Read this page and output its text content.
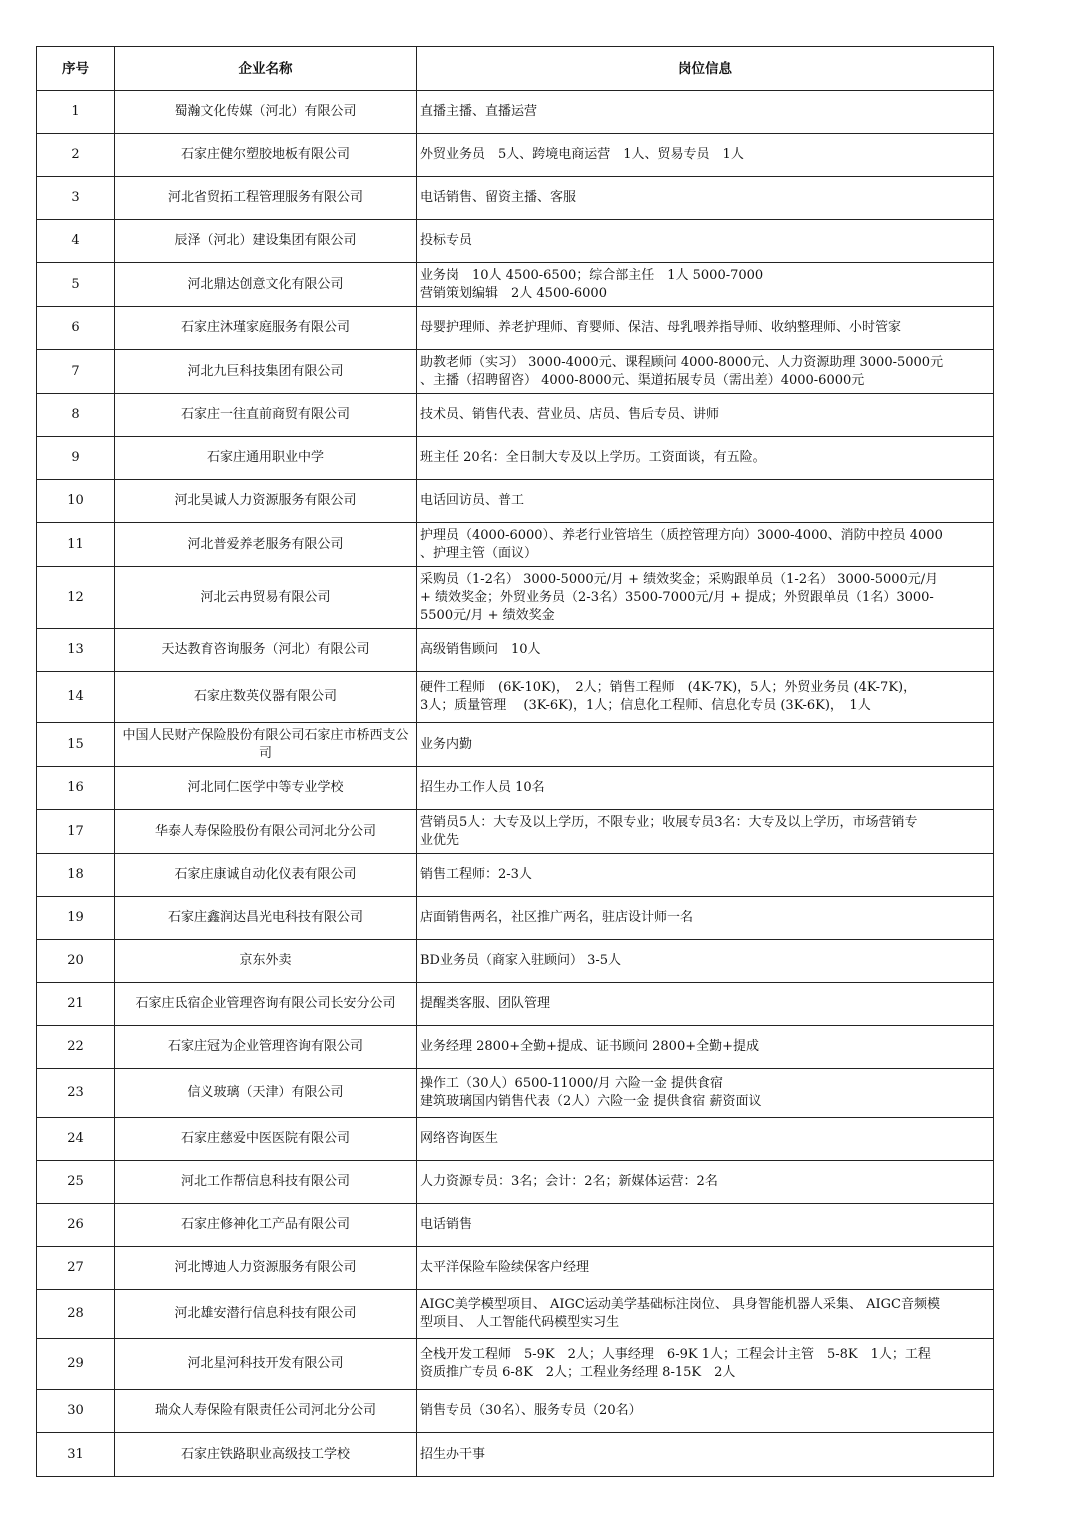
序号	企业名称	岗位信息
1	蜀瀚文化传媒（河北）有限公司	直播主播、直播运营
2	石家庄健尔塑胶地板有限公司	外贸业务员　5人、跨境电商运营　1人、贸易专员　1人
3	河北省贸拓工程管理服务有限公司	电话销售、留资主播、客服
4	辰泽（河北）建设集团有限公司	投标专员
5	河北鼎达创意文化有限公司	业务岗　10人 4500-6500；综合部主任　1人 5000-7000
营销策划编辑　2人 4500-6000
6	石家庄沐瑾家庭服务有限公司	母婴护理师、养老护理师、育婴师、保洁、母乳喂养指导师、收纳整理师、小时管家
7	河北九巨科技集团有限公司	助教老师（实习） 3000-4000元、课程顾问 4000-8000元、人力资源助理 3000-5000元
、主播（招聘留咨） 4000-8000元、渠道拓展专员（需出差）4000-6000元
8	石家庄一往直前商贸有限公司	技术员、销售代表、营业员、店员、售后专员、讲师
9	石家庄通用职业中学	班主任 20名：全日制大专及以上学历。工资面谈，有五险。
10	河北昊诚人力资源服务有限公司	电话回访员、普工
11	河北普爱养老服务有限公司	护理员（4000-6000）、养老行业管培生（质控管理方向）3000-4000、消防中控员 4000
、护理主管（面议）
12	河北云冉贸易有限公司	采购员（1-2名） 3000-5000元/月 + 绩效奖金；采购跟单员（1-2名） 3000-5000元/月
+ 绩效奖金；外贸业务员（2-3名）3500-7000元/月 + 提成；外贸跟单员（1名）3000-
5500元/月 + 绩效奖金
13	天达教育咨询服务（河北）有限公司	高级销售顾问　10人
14	石家庄数英仪器有限公司	硬件工程师　(6K-10K)，　2人；销售工程师　(4K-7K)，5人；外贸业务员 (4K-7K)，
3人；质量管理　 (3K-6K)，1人；信息化工程师、信息化专员 (3K-6K)，　1人
15	中国人民财产保险股份有限公司石家庄市桥西支公司	业务内勤
16	河北同仁医学中等专业学校	招生办工作人员 10名
17	华泰人寿保险股份有限公司河北分公司	营销员5人：大专及以上学历，不限专业；收展专员3名：大专及以上学历，市场营销专
业优先
18	石家庄康诚自动化仪表有限公司	销售工程师：2-3人
19	石家庄鑫润达昌光电科技有限公司	店面销售两名，社区推广两名，驻店设计师一名
20	京东外卖	BD业务员（商家入驻顾问） 3-5人
21	石家庄氐宿企业管理咨询有限公司长安分公司	提醒类客服、团队管理
22	石家庄冠为企业管理咨询有限公司	业务经理 2800+全勤+提成、证书顾问 2800+全勤+提成
23	信义玻璃（天津）有限公司	操作工（30人）6500-11000/月 六险一金 提供食宿
建筑玻璃国内销售代表（2人）六险一金 提供食宿 薪资面议
24	石家庄慈爱中医医院有限公司	网络咨询医生
25	河北工作帮信息科技有限公司	人力资源专员：3名；会计：2名；新媒体运营：2名
26	石家庄修神化工产品有限公司	电话销售
27	河北博迪人力资源服务有限公司	太平洋保险车险续保客户经理
28	河北雄安潜行信息科技有限公司	AIGC美学模型项目、 AIGC运动美学基础标注岗位、 具身智能机器人采集、 AIGC音频模
型项目、 人工智能代码模型实习生
29	河北星河科技开发有限公司	全栈开发工程师　5-9K　2人；人事经理　6-9K 1人；工程会计主管　5-8K　1人；工程
资质推广专员 6-8K　2人；工程业务经理 8-15K　2人
30	瑞众人寿保险有限责任公司河北分公司	销售专员（30名）、服务专员（20名）
31	石家庄铁路职业高级技工学校	招生办干事
